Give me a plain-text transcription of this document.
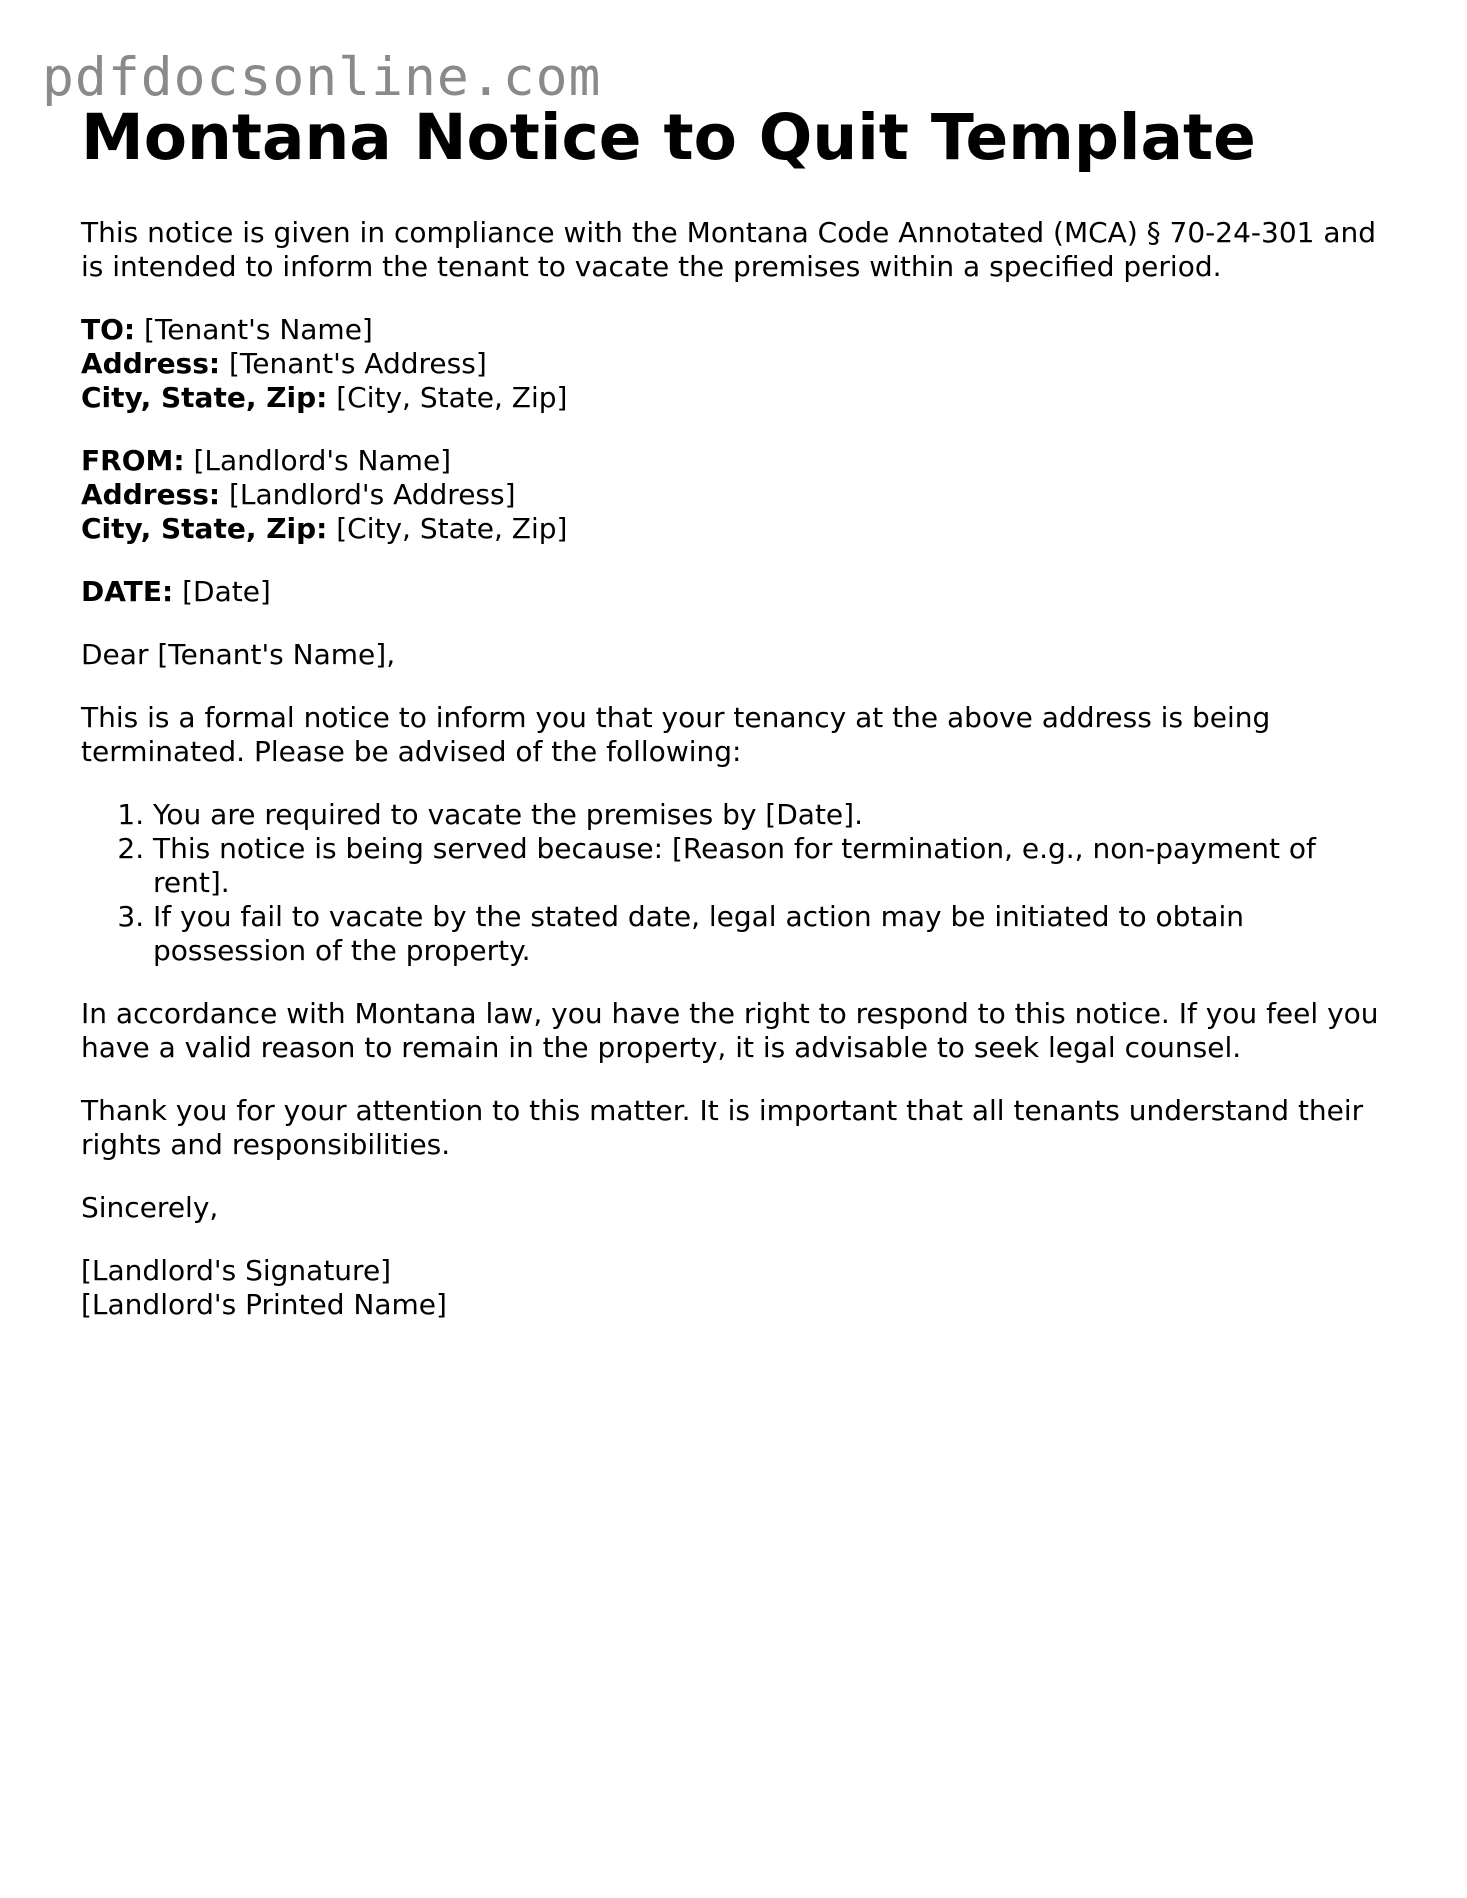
pdfdocsonline.com
Montana Notice to Quit Template

This notice is given in compliance with the Montana Code Annotated (MCA) § 70-24-301 and is intended to inform the tenant to vacate the premises within a specified period.

TO: [Tenant's Name]

Address: [Tenant's Address]

City, State, Zip: [City, State, Zip]

FROM: [Landlord's Name]

Address: [Landlord's Address]

City, State, Zip: [City, State, Zip]

DATE: [Date]

Dear [Tenant's Name],

This is a formal notice to inform you that your tenancy at the above address is being terminated. Please be advised of the following:

1. You are required to vacate the premises by [Date].
2. This notice is being served because: [Reason for termination, e.g., non-payment of rent].
3. If you fail to vacate by the stated date, legal action may be initiated to obtain possession of the property.

In accordance with Montana law, you have the right to respond to this notice. If you feel you have a valid reason to remain in the property, it is advisable to seek legal counsel.

Thank you for your attention to this matter. It is important that all tenants understand their rights and responsibilities.

Sincerely,

[Landlord's Signature]

[Landlord's Printed Name]
